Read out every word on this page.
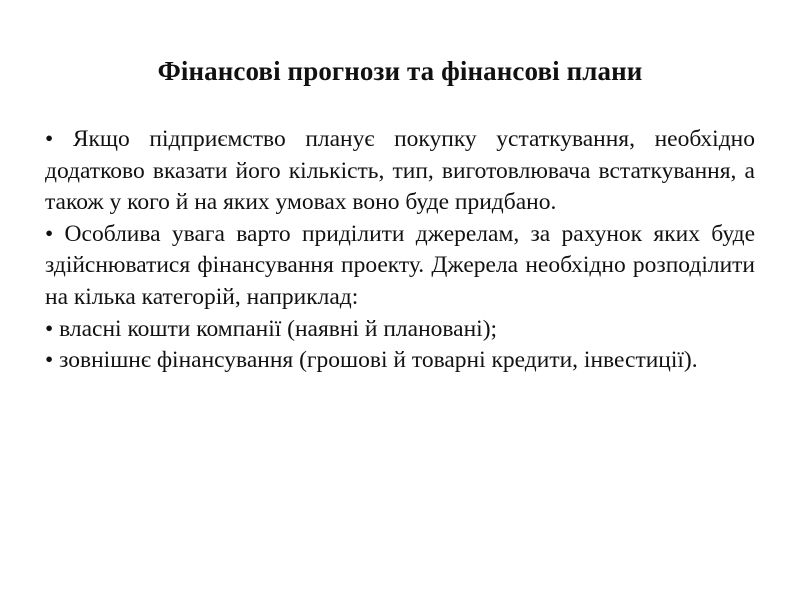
Фінансові прогнози та фінансові плани

• Якщо підприємство планує покупку устаткування, необхідно додатково вказати його кількість, тип, виготовлювача встаткування, а також у кого й на яких умовах воно буде придбано.

• Особлива увага варто приділити джерелам, за рахунок яких буде здійснюватися фінансування проекту. Джерела необхідно розподілити на кілька категорій, наприклад:

• власні кошти компанії (наявні й плановані);

• зовнішнє фінансування (грошові й товарні кредити, інвестиції).
